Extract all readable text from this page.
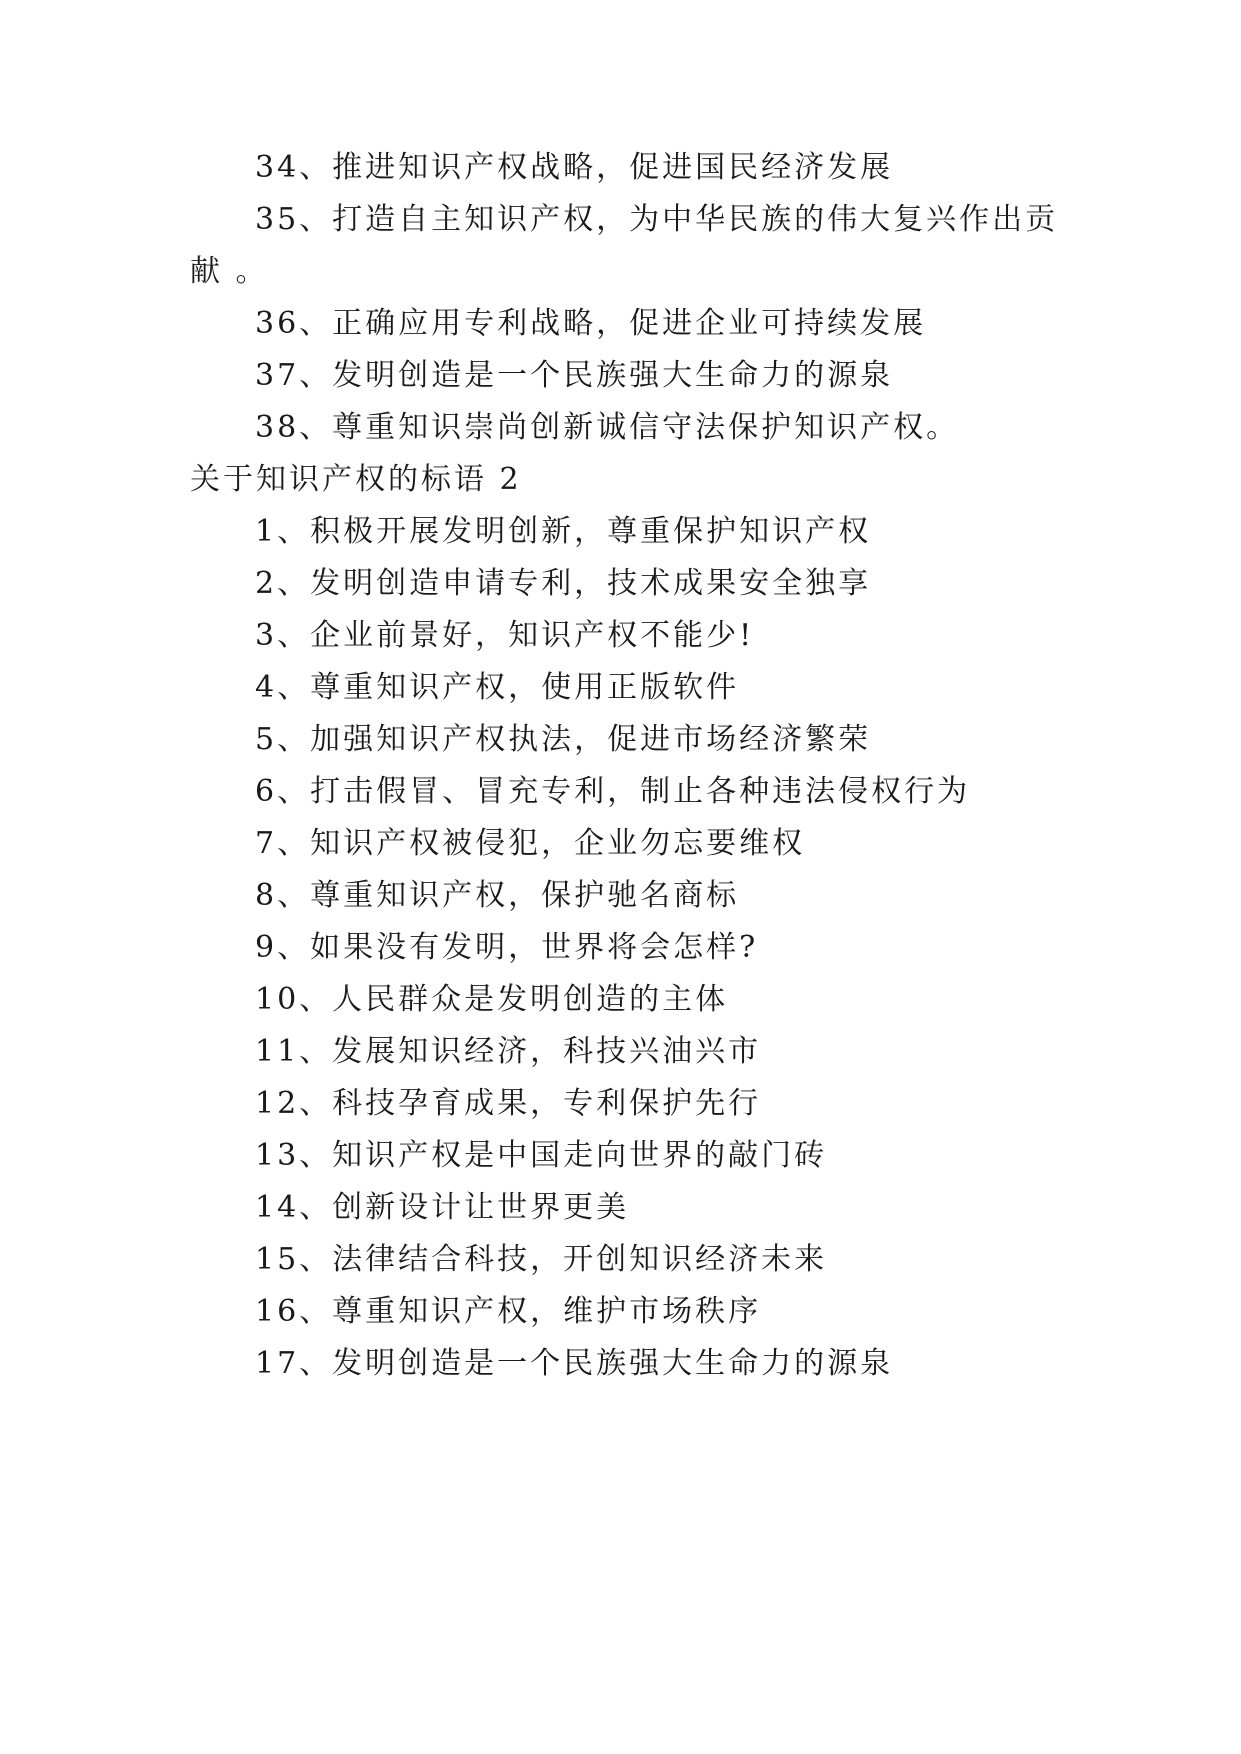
34、推进知识产权战略，促进国民经济发展
35、打造自主知识产权，为中华民族的伟大复兴作出贡
献 。
36、正确应用专利战略，促进企业可持续发展
37、发明创造是一个民族强大生命力的源泉
38、尊重知识崇尚创新诚信守法保护知识产权。
关于知识产权的标语 2
1、积极开展发明创新，尊重保护知识产权
2、发明创造申请专利，技术成果安全独享
3、企业前景好，知识产权不能少!
4、尊重知识产权，使用正版软件
5、加强知识产权执法，促进市场经济繁荣
6、打击假冒、冒充专利，制止各种违法侵权行为
7、知识产权被侵犯，企业勿忘要维权
8、尊重知识产权，保护驰名商标
9、如果没有发明，世界将会怎样?
10、人民群众是发明创造的主体
11、发展知识经济，科技兴油兴市
12、科技孕育成果，专利保护先行
13、知识产权是中国走向世界的敲门砖
14、创新设计让世界更美
15、法律结合科技，开创知识经济未来
16、尊重知识产权，维护市场秩序
17、发明创造是一个民族强大生命力的源泉
